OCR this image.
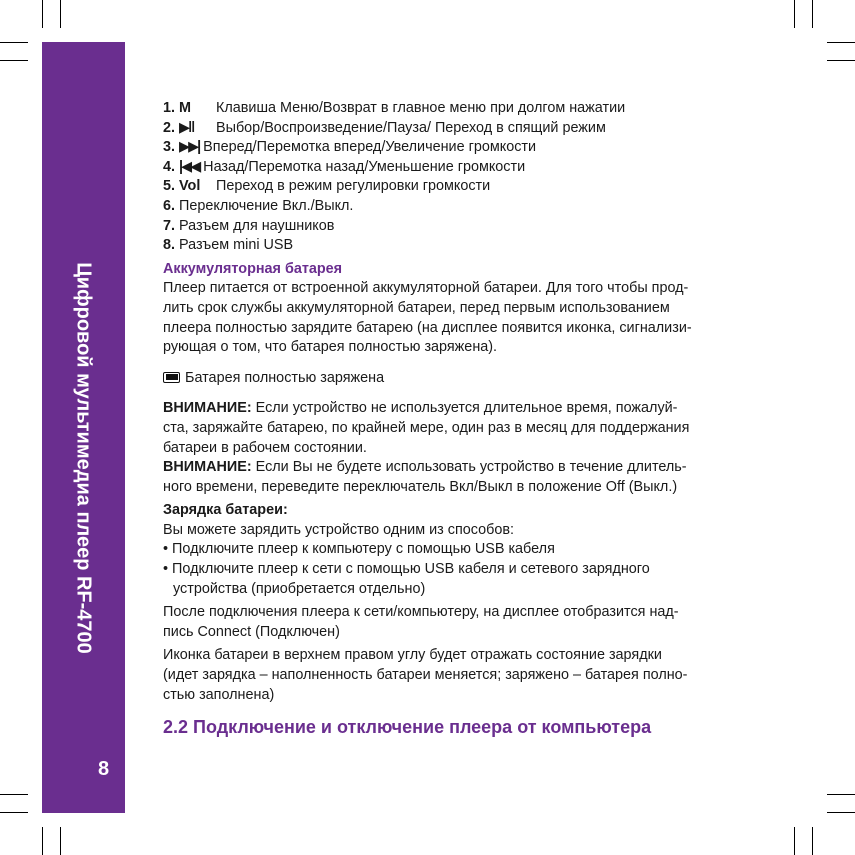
Цифровой мультимедиа плеер RF-4700
8
1. M Клавиша Меню/Возврат в главное меню при долгом нажатии
2. ▶‖ Выбор/Воспроизведение/Пауза/ Переход в спящий режим
3. ▶▶| Вперед/Перемотка вперед/Увеличение громкости
4. |◀◀ Назад/Перемотка назад/Уменьшение громкости
5. Vol Переход в режим регулировки громкости
6. Переключение Вкл./Выкл.
7. Разъем для наушников
8. Разъем mini USB
Аккумуляторная батарея
Плеер питается от встроенной аккумуляторной батареи. Для того чтобы прод-
лить срок службы аккумуляторной батареи, перед первым использованием
плеера полностью зарядите батарею (на дисплее появится иконка, сигнализи-
рующая о том, что батарея полностью заряжена).
Батарея полностью заряжена
ВНИМАНИЕ: Если устройство не используется длительное время, пожалуй-
ста, заряжайте батарею, по крайней мере, один раз в месяц для поддержания
батареи в рабочем состоянии.
ВНИМАНИЕ: Если Вы не будете использовать устройство в течение длитель-
ного времени, переведите переключатель Вкл/Выкл в положение Off (Выкл.)
Зарядка батареи:
Вы можете зарядить устройство одним из способов:
• Подключите плеер к компьютеру с помощью USB кабеля
• Подключите плеер к сети с помощью USB кабеля и сетевого зарядного
устройства (приобретается отдельно)
После подключения плеера к сети/компьютеру, на дисплее отобразится над-
пись Connect (Подключен)
Иконка батареи в верхнем правом углу будет отражать состояние зарядки
(идет зарядка – наполненность батареи меняется; заряжено – батарея полно-
стью заполнена)
2.2 Подключение и отключение плеера от компьютера
